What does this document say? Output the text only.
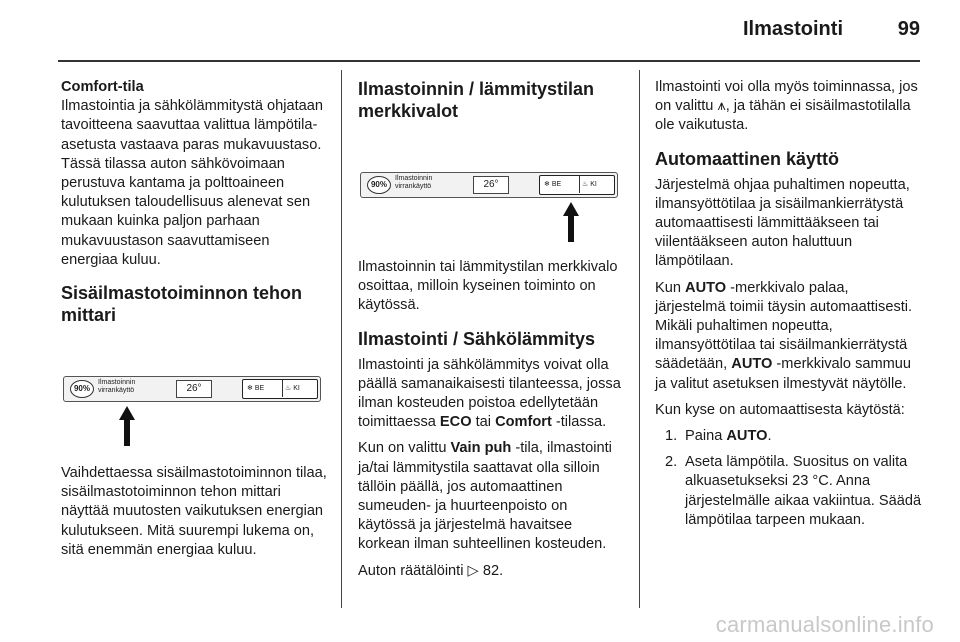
Ilmastointi	99
Comfort-tila

Ilmastointia ja sähkölämmitystä ohjataan tavoitteena saavuttaa valittua lämpötila-asetusta vastaava paras mukavuustaso. Tässä tilassa auton sähkövoimaan perustuva kantama ja polttoaineen kulutuksen taloudellisuus alenevat sen mukaan kuinka paljon parhaan mukavuustason saavuttamiseen energiaa kuluu.

Sisäilmastotoiminnon tehon mittari
90%
Ilmastoinnin
virrankäyttö	26°	❄ BE	♨ KI

Vaihdettaessa sisäilmastotoiminnon tilaa, sisäilmastotoiminnon tehon mittari näyttää muutosten vaikutuksen energian kulutukseen. Mitä suurempi lukema on, sitä enemmän energiaa kuluu.

Ilmastoinnin / lämmitystilan merkkivalot
90%
Ilmastoinnin
virrankäyttö	26°	❄ BE	♨ KI

Ilmastoinnin tai lämmitystilan merkkivalo osoittaa, milloin kyseinen toiminto on käytössä.

Ilmastointi / Sähkölämmitys

Ilmastointi ja sähkölämmitys voivat olla päällä samanaikaisesti tilanteessa, jossa ilman kosteuden poistoa edellytetään toimittaessa ECO tai Comfort -tilassa.

Kun on valittu Vain puh -tila, ilmastointi ja/tai lämmitystila saattavat olla silloin tällöin päällä, jos automaattinen sumeuden- ja huurteenpoisto on käytössä ja järjestelmä havaitsee korkean ilman suhteellinen kosteuden.

Auton räätälöinti ▷ 82.

Ilmastointi voi olla myös toiminnassa, jos on valittu ⩚, ja tähän ei sisäilmastotilalla ole vaikutusta.

Automaattinen käyttö

Järjestelmä ohjaa puhaltimen nopeutta, ilmansyöttötilaa ja sisäilmankierrätystä automaattisesti lämmittääkseen tai viilentääkseen auton haluttuun lämpötilaan.

Kun AUTO -merkkivalo palaa, järjestelmä toimii täysin automaattisesti. Mikäli puhaltimen nopeutta, ilmansyöttötilaa tai sisäilmankierrätystä säädetään, AUTO -merkkivalo sammuu ja valitut asetuksen ilmestyvät näytölle.

Kun kyse on automaattisesta käytöstä:

1. Paina AUTO.
2. Aseta lämpötila. Suositus on valita alkuasetukseksi 23 °C. Anna järjestelmälle aikaa vakiintua. Säädä lämpötilaa tarpeen mukaan.
carmanualsonline.info
